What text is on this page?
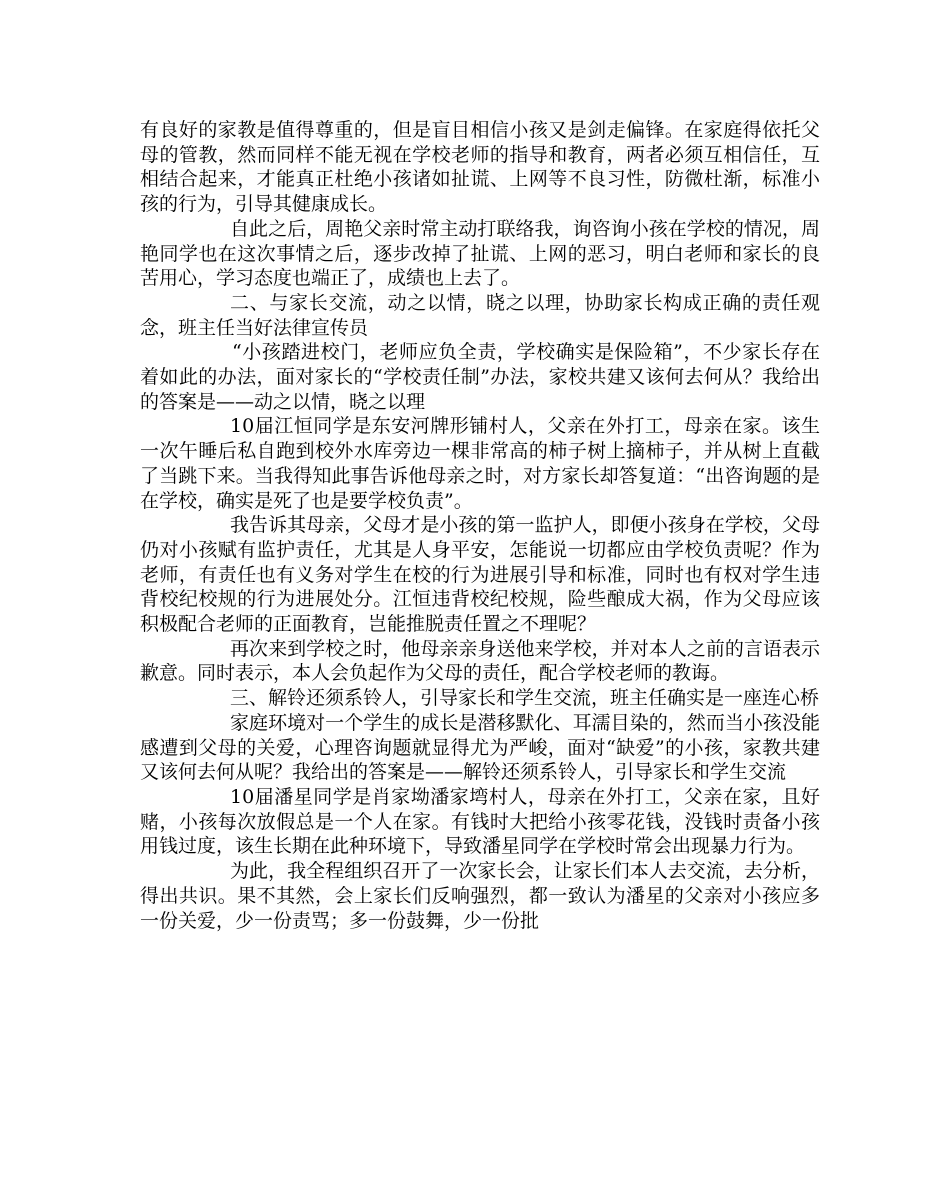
有良好的家教是值得尊重的，但是盲目相信小孩又是剑走偏锋。在家庭得依托父母的管教，然而同样不能无视在学校老师的指导和教育，两者必须互相信任，互相结合起来，才能真正杜绝小孩诸如扯谎、上网等不良习性，防微杜渐，标准小孩的行为，引导其健康成长。

自此之后，周艳父亲时常主动打联络我，询咨询小孩在学校的情况，周艳同学也在这次事情之后，逐步改掉了扯谎、上网的恶习，明白老师和家长的良苦用心，学习态度也端正了，成绩也上去了。

二、与家长交流，动之以情，晓之以理，协助家长构成正确的责任观念，班主任当好法律宣传员

“小孩踏进校门，老师应负全责，学校确实是保险箱”，不少家长存在着如此的办法，面对家长的“学校责任制”办法，家校共建又该何去何从？我给出的答案是——动之以情，晓之以理

10届江恒同学是东安河牌形铺村人，父亲在外打工，母亲在家。该生一次午睡后私自跑到校外水库旁边一棵非常高的柿子树上摘柿子，并从树上直截了当跳下来。当我得知此事告诉他母亲之时，对方家长却答复道：“出咨询题的是在学校，确实是死了也是要学校负责”。

我告诉其母亲，父母才是小孩的第一监护人，即便小孩身在学校，父母仍对小孩赋有监护责任，尤其是人身平安，怎能说一切都应由学校负责呢？作为老师，有责任也有义务对学生在校的行为进展引导和标准，同时也有权对学生违背校纪校规的行为进展处分。江恒违背校纪校规，险些酿成大祸，作为父母应该积极配合老师的正面教育，岂能推脱责任置之不理呢？

再次来到学校之时，他母亲亲身送他来学校，并对本人之前的言语表示歉意。同时表示，本人会负起作为父母的责任，配合学校老师的教诲。

三、解铃还须系铃人，引导家长和学生交流，班主任确实是一座连心桥

家庭环境对一个学生的成长是潜移默化、耳濡目染的，然而当小孩没能感遭到父母的关爱，心理咨询题就显得尤为严峻，面对“缺爱”的小孩，家教共建又该何去何从呢？我给出的答案是——解铃还须系铃人，引导家长和学生交流

10届潘星同学是肖家坳潘家塆村人，母亲在外打工，父亲在家，且好赌，小孩每次放假总是一个人在家。有钱时大把给小孩零花钱，没钱时责备小孩用钱过度，该生长期在此种环境下，导致潘星同学在学校时常会出现暴力行为。

为此，我全程组织召开了一次家长会，让家长们本人去交流，去分析，得出共识。果不其然，会上家长们反响强烈，都一致认为潘星的父亲对小孩应多一份关爱，少一份责骂；多一份鼓舞，少一份批
